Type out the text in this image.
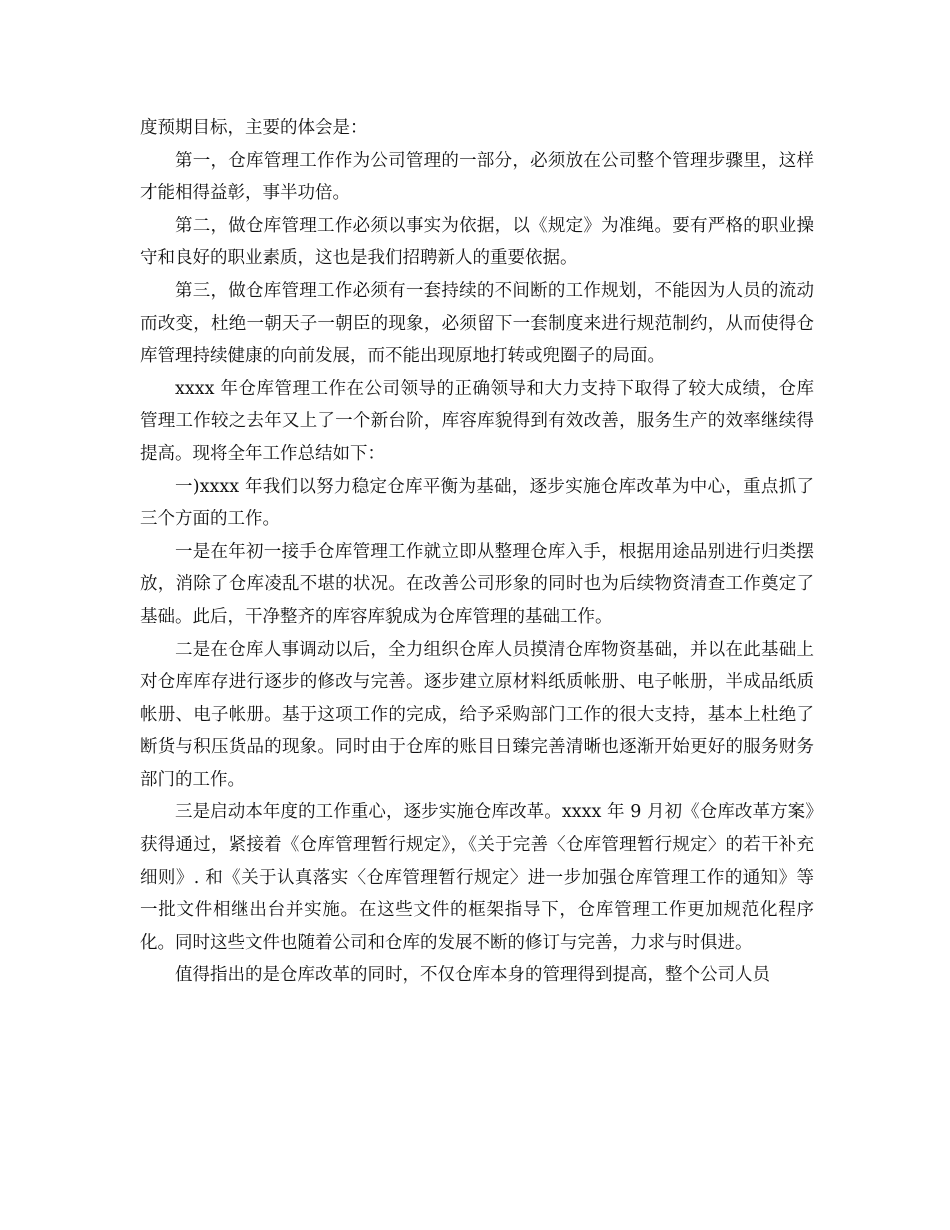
度预期目标，主要的体会是：

第一，仓库管理工作作为公司管理的一部分，必须放在公司整个管理步骤里，这样才能相得益彰，事半功倍。

第二，做仓库管理工作必须以事实为依据，以《规定》为准绳。要有严格的职业操守和良好的职业素质，这也是我们招聘新人的重要依据。

第三，做仓库管理工作必须有一套持续的不间断的工作规划，不能因为人员的流动而改变，杜绝一朝天子一朝臣的现象，必须留下一套制度来进行规范制约，从而使得仓库管理持续健康的向前发展，而不能出现原地打转或兜圈子的局面。

xxxx 年仓库管理工作在公司领导的正确领导和大力支持下取得了较大成绩，仓库管理工作较之去年又上了一个新台阶，库容库貌得到有效改善，服务生产的效率继续得提高。现将全年工作总结如下：

一)xxxx 年我们以努力稳定仓库平衡为基础，逐步实施仓库改革为中心，重点抓了三个方面的工作。

一是在年初一接手仓库管理工作就立即从整理仓库入手，根据用途品别进行归类摆放，消除了仓库凌乱不堪的状况。在改善公司形象的同时也为后续物资清查工作奠定了基础。此后，干净整齐的库容库貌成为仓库管理的基础工作。

二是在仓库人事调动以后，全力组织仓库人员摸清仓库物资基础，并以在此基础上对仓库库存进行逐步的修改与完善。逐步建立原材料纸质帐册、电子帐册，半成品纸质帐册、电子帐册。基于这项工作的完成，给予采购部门工作的很大支持，基本上杜绝了断货与积压货品的现象。同时由于仓库的账目日臻完善清晰也逐渐开始更好的服务财务部门的工作。

三是启动本年度的工作重心，逐步实施仓库改革。xxxx 年 9 月初《仓库改革方案》获得通过，紧接着《仓库管理暂行规定》，《关于完善〈仓库管理暂行规定〉的若干补充细则》. 和《关于认真落实〈仓库管理暂行规定〉进一步加强仓库管理工作的通知》等一批文件相继出台并实施。在这些文件的框架指导下，仓库管理工作更加规范化程序化。同时这些文件也随着公司和仓库的发展不断的修订与完善，力求与时俱进。

值得指出的是仓库改革的同时，不仅仓库本身的管理得到提高，整个公司人员
